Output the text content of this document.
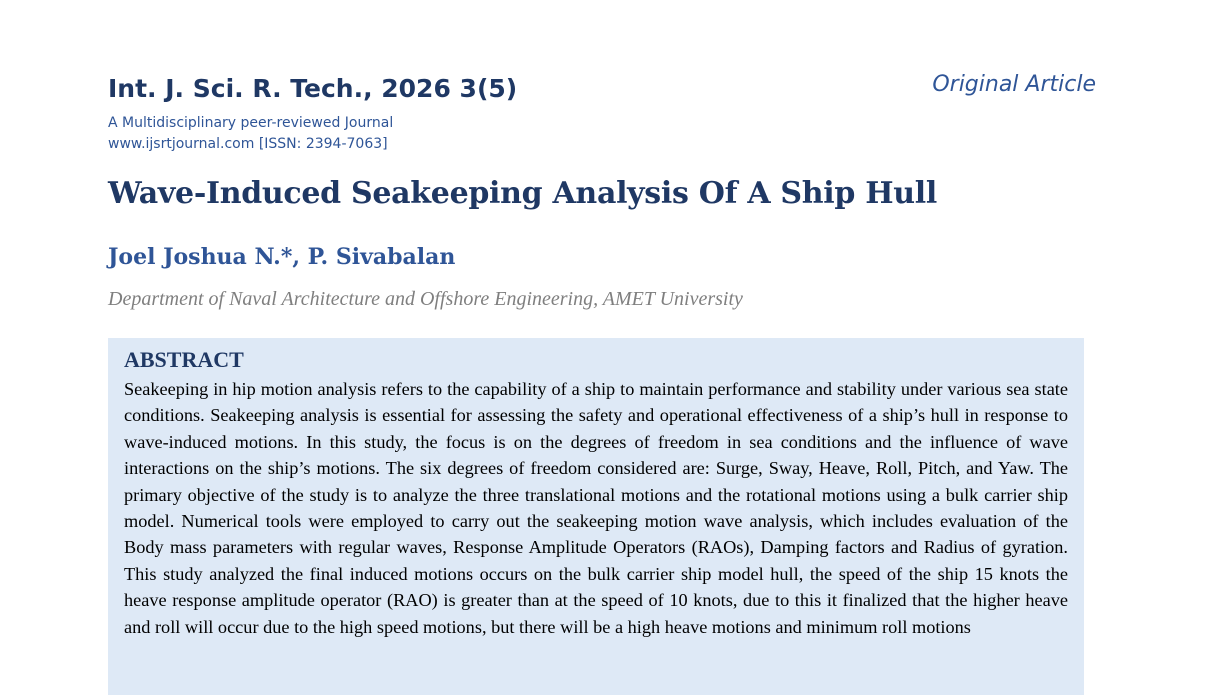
Int. J. Sci. R. Tech., 2026 3(5)	Original Article
A Multidisciplinary peer-reviewed Journal
www.ijsrtjournal.com [ISSN: 2394-7063]
Wave-Induced Seakeeping Analysis Of A Ship Hull
Joel Joshua N.*, P. Sivabalan
Department of Naval Architecture and Offshore Engineering, AMET University
ABSTRACT

Seakeeping in hip motion analysis refers to the capability of a ship to maintain performance and stability under various sea state conditions. Seakeeping analysis is essential for assessing the safety and operational effectiveness of a ship’s hull in response to wave-induced motions. In this study, the focus is on the degrees of freedom in sea conditions and the influence of wave interactions on the ship’s motions. The six degrees of freedom considered are: Surge, Sway, Heave, Roll, Pitch, and Yaw. The primary objective of the study is to analyze the three translational motions and the rotational motions using a bulk carrier ship model. Numerical tools were employed to carry out the seakeeping motion wave analysis, which includes evaluation of the Body mass parameters with regular waves, Response Amplitude Operators (RAOs), Damping factors and Radius of gyration. This study analyzed the final induced motions occurs on the bulk carrier ship model hull, the speed of the ship 15 knots the heave response amplitude operator (RAO) is greater than at the speed of 10 knots, due to this it finalized that the higher heave and roll will occur due to the high speed motions, but there will be a high heave motions and minimum roll motions
